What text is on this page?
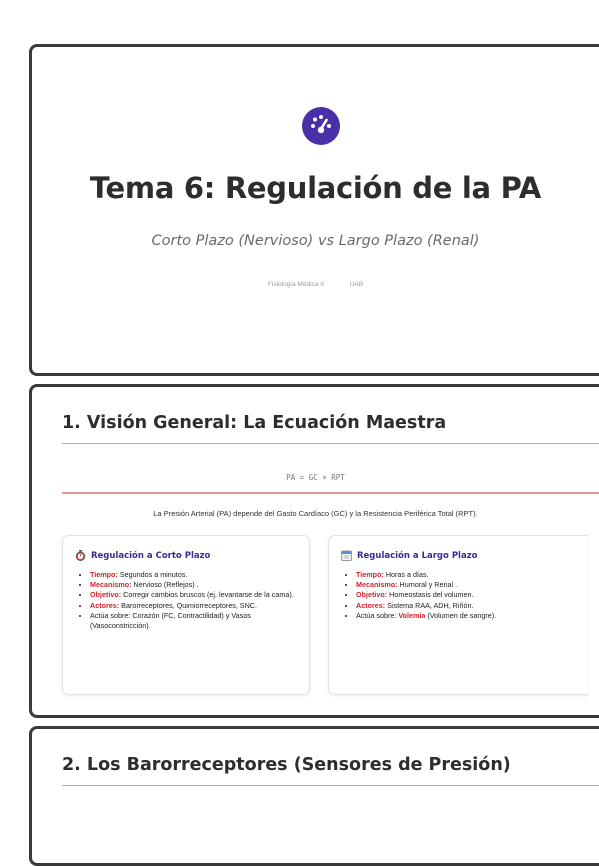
Tema 6: Regulación de la PA
Corto Plazo (Nervioso) vs Largo Plazo (Renal)
Fisiología Médica II	UAB
1. Visión General: La Ecuación Maestra
PA = GC × RPT
La Presión Arterial (PA) depende del Gasto Cardíaco (GC) y la Resistencia Periférica Total (RPT).
Regulación a Corto Plazo
• Tiempo: Segundos a minutos.
• Mecanismo: Nervioso (Reflejos) .
• Objetivo: Corregir cambios bruscos (ej. levantarse de la cama).
• Actores: Barorreceptores, Quimiorreceptores, SNC.
• Actúa sobre: Corazón (FC, Contractilidad) y Vasos (Vasoconstricción).
Regulación a Largo Plazo
• Tiempo: Horas a días.
• Mecanismo: Humoral y Renal .
• Objetivo: Homeostasis del volumen.
• Actores: Sistema RAA, ADH, Riñón.
• Actúa sobre: Volemia (Volumen de sangre).
2. Los Barorreceptores (Sensores de Presión)
